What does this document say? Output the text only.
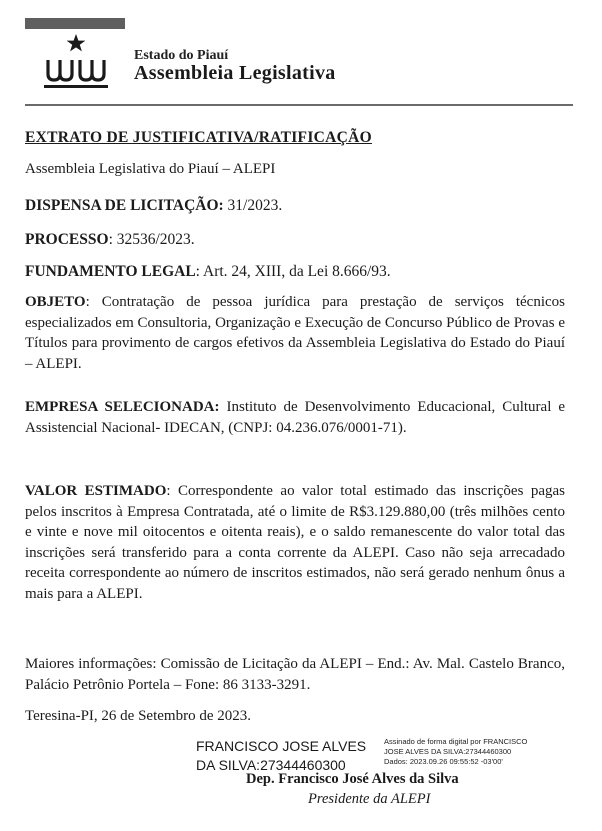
Estado do Piauí
Assembleia Legislativa
EXTRATO DE JUSTIFICATIVA/RATIFICAÇÃO
Assembleia Legislativa do Piauí – ALEPI
DISPENSA DE LICITAÇÃO: 31/2023.
PROCESSO: 32536/2023.
FUNDAMENTO LEGAL: Art. 24, XIII, da Lei 8.666/93.
OBJETO: Contratação de pessoa jurídica para prestação de serviços técnicos especializados em Consultoria, Organização e Execução de Concurso Público de Provas e Títulos para provimento de cargos efetivos da Assembleia Legislativa do Estado do Piauí – ALEPI.
EMPRESA SELECIONADA: Instituto de Desenvolvimento Educacional, Cultural e Assistencial Nacional- IDECAN, (CNPJ: 04.236.076/0001-71).
VALOR ESTIMADO: Correspondente ao valor total estimado das inscrições pagas pelos inscritos à Empresa Contratada, até o limite de R$3.129.880,00 (três milhões cento e vinte e nove mil oitocentos e oitenta reais), e o saldo remanescente do valor total das inscrições será transferido para a conta corrente da ALEPI. Caso não seja arrecadado receita correspondente ao número de inscritos estimados, não será gerado nenhum ônus a mais para a ALEPI.
Maiores informações: Comissão de Licitação da ALEPI – End.: Av. Mal. Castelo Branco, Palácio Petrônio Portela – Fone: 86 3133-3291.
Teresina-PI, 26 de Setembro de 2023.
FRANCISCO JOSE ALVES
DA SILVA:27344460300
Assinado de forma digital por FRANCISCO
JOSE ALVES DA SILVA:27344460300
Dados: 2023.09.26 09:55:52 -03'00'
Dep. Francisco José Alves da Silva
Presidente da ALEPI
